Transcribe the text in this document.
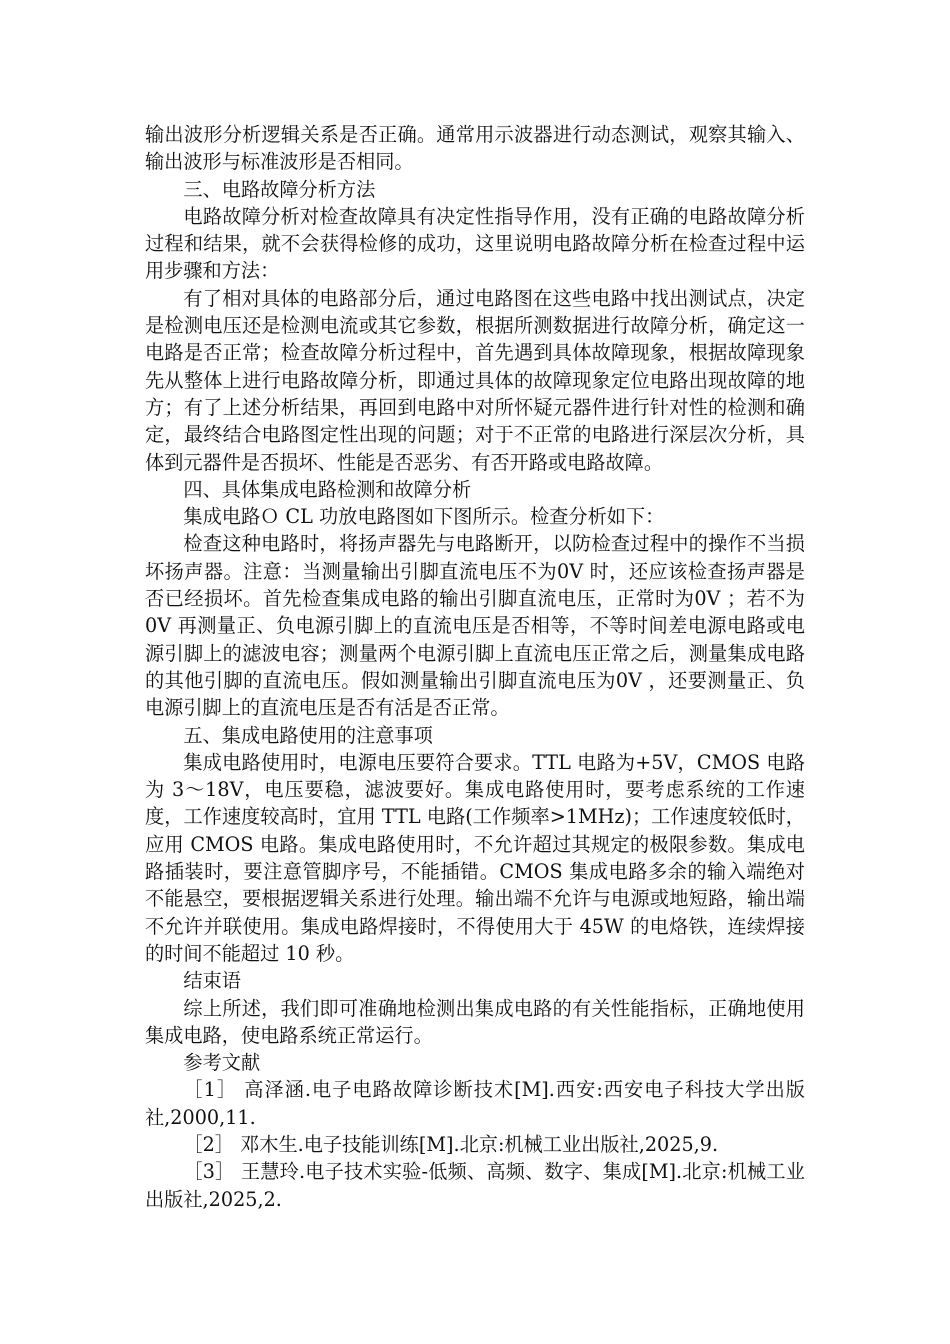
输出波形分析逻辑关系是否正确。通常用示波器进行动态测试，观察其输入、输出波形与标准波形是否相同。

三、电路故障分析方法

电路故障分析对检查故障具有决定性指导作用，没有正确的电路故障分析过程和结果，就不会获得检修的成功，这里说明电路故障分析在检查过程中运用步骤和方法：

有了相对具体的电路部分后，通过电路图在这些电路中找出测试点，决定是检测电压还是检测电流或其它参数，根据所测数据进行故障分析，确定这一电路是否正常；检查故障分析过程中，首先遇到具体故障现象，根据故障现象先从整体上进行电路故障分析，即通过具体的故障现象定位电路出现故障的地方；有了上述分析结果，再回到电路中对所怀疑元器件进行针对性的检测和确定，最终结合电路图定性出现的问题；对于不正常的电路进行深层次分析，具体到元器件是否损坏、性能是否恶劣、有否开路或电路故障。

四、具体集成电路检测和故障分析

集成电路Ｏ CL 功放电路图如下图所示。检查分析如下：

检查这种电路时，将扬声器先与电路断开，以防检查过程中的操作不当损坏扬声器。注意：当测量输出引脚直流电压不为0V 时，还应该检查扬声器是否已经损坏。首先检查集成电路的输出引脚直流电压，正常时为0V ；若不为0V 再测量正、负电源引脚上的直流电压是否相等，不等时间差电源电路或电源引脚上的滤波电容；测量两个电源引脚上直流电压正常之后，测量集成电路的其他引脚的直流电压。假如测量输出引脚直流电压为0V ，还要测量正、负电源引脚上的直流电压是否有活是否正常。

五、集成电路使用的注意事项

集成电路使用时，电源电压要符合要求。TTL 电路为+5V，CMOS 电路为 3～18V，电压要稳，滤波要好。集成电路使用时，要考虑系统的工作速度，工作速度较高时，宜用 TTL 电路(工作频率>1MHz)；工作速度较低时，应用 CMOS 电路。集成电路使用时，不允许超过其规定的极限参数。集成电路插装时，要注意管脚序号，不能插错。CMOS 集成电路多余的输入端绝对不能悬空，要根据逻辑关系进行处理。输出端不允许与电源或地短路，输出端不允许并联使用。集成电路焊接时，不得使用大于 45W 的电烙铁，连续焊接的时间不能超过 10 秒。

结束语

综上所述，我们即可准确地检测出集成电路的有关性能指标，正确地使用集成电路，使电路系统正常运行。

参考文献

［1］ 高泽涵.电子电路故障诊断技术[M].西安:西安电子科技大学出版社,2000,11.

［2］ 邓木生.电子技能训练[M].北京:机械工业出版社,2025,9.

［3］ 王慧玲.电子技术实验-低频、高频、数字、集成[M].北京:机械工业出版社,2025,2.
